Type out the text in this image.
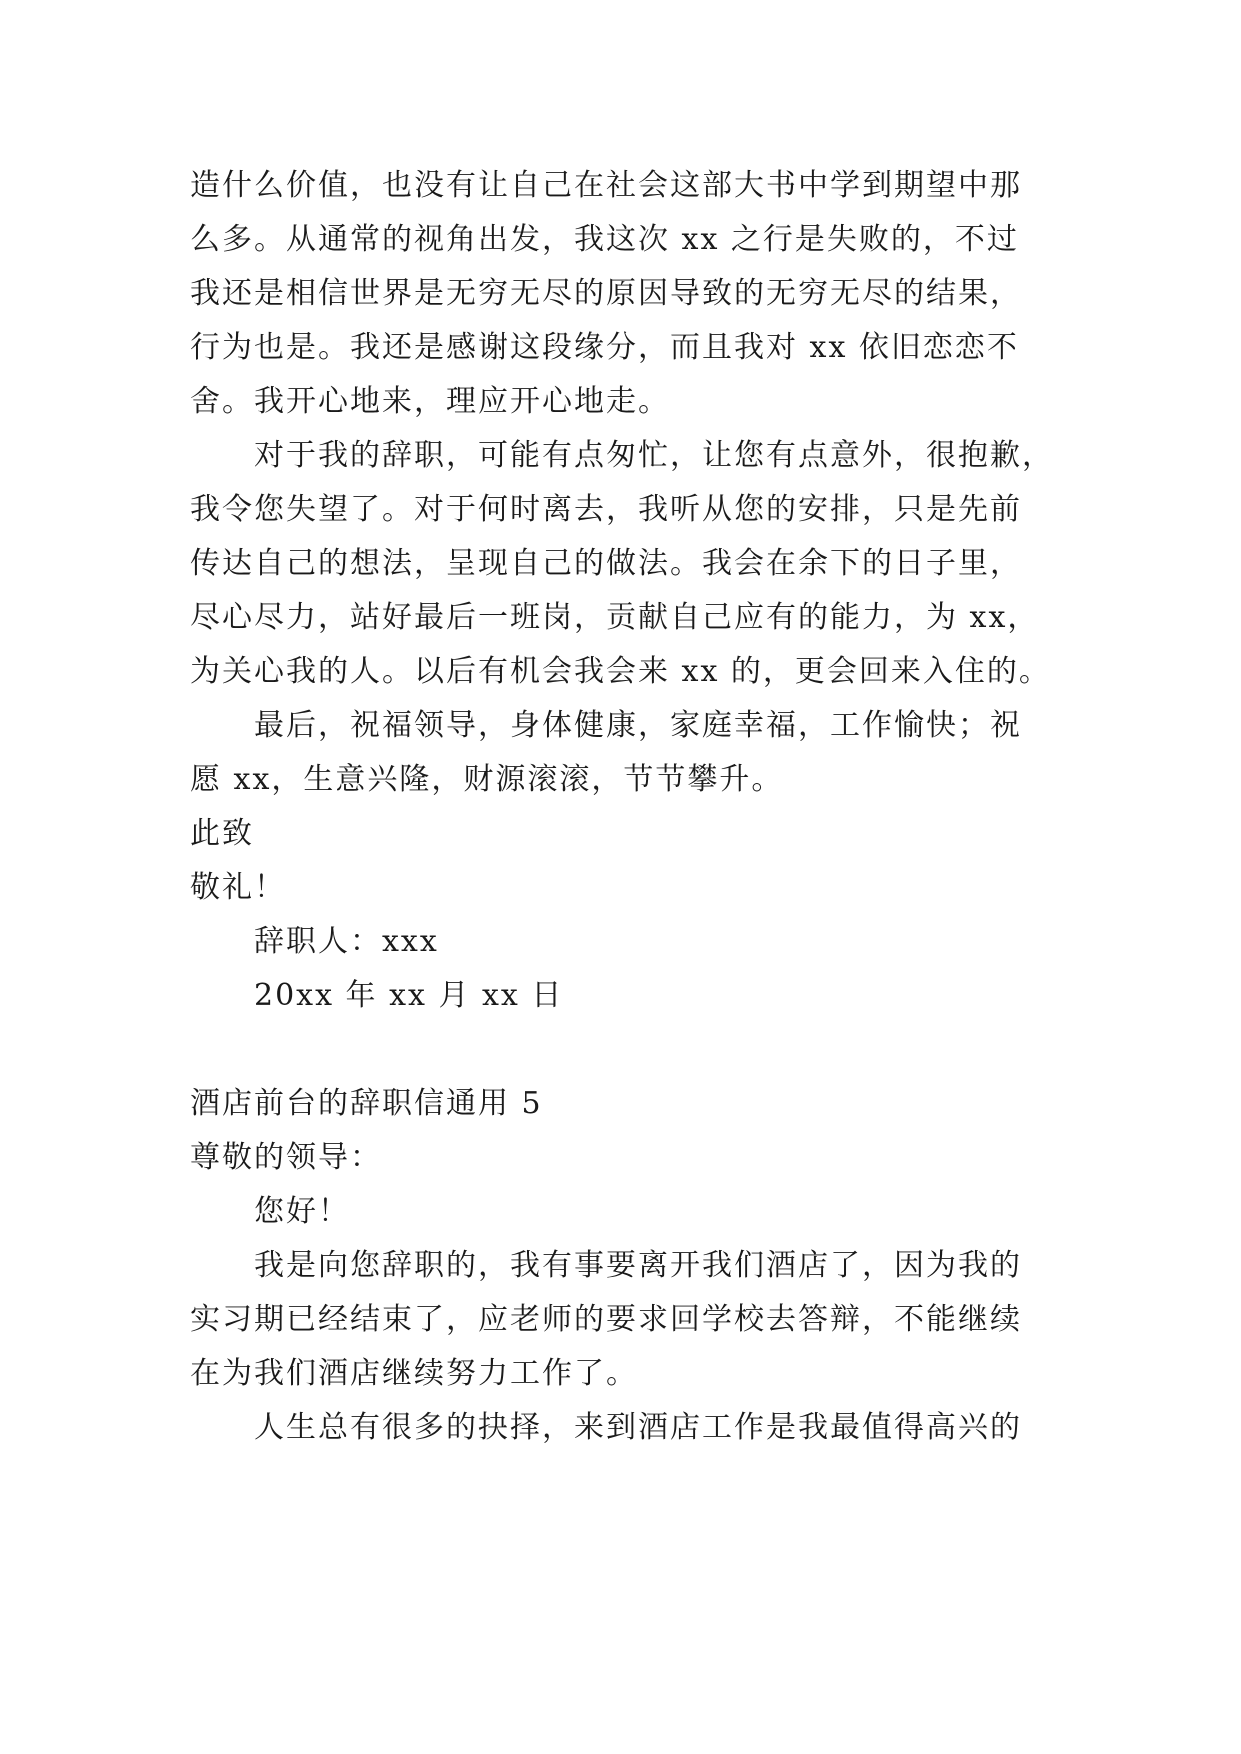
造什么价值，也没有让自己在社会这部大书中学到期望中那
么多。从通常的视角出发，我这次 xx 之行是失败的，不过
我还是相信世界是无穷无尽的原因导致的无穷无尽的结果，
行为也是。我还是感谢这段缘分，而且我对 xx 依旧恋恋不
舍。我开心地来，理应开心地走。
对于我的辞职，可能有点匆忙，让您有点意外，很抱歉，
我令您失望了。对于何时离去，我听从您的安排，只是先前
传达自己的想法，呈现自己的做法。我会在余下的日子里，
尽心尽力，站好最后一班岗，贡献自己应有的能力，为 xx，
为关心我的人。以后有机会我会来 xx 的，更会回来入住的。
最后，祝福领导，身体健康，家庭幸福，工作愉快；祝
愿 xx，生意兴隆，财源滚滚，节节攀升。
此致
敬礼！
辞职人：xxx
20xx 年 xx 月 xx 日
酒店前台的辞职信通用 5
尊敬的领导：
您好！
我是向您辞职的，我有事要离开我们酒店了，因为我的
实习期已经结束了，应老师的要求回学校去答辩，不能继续
在为我们酒店继续努力工作了。
人生总有很多的抉择，来到酒店工作是我最值得高兴的
